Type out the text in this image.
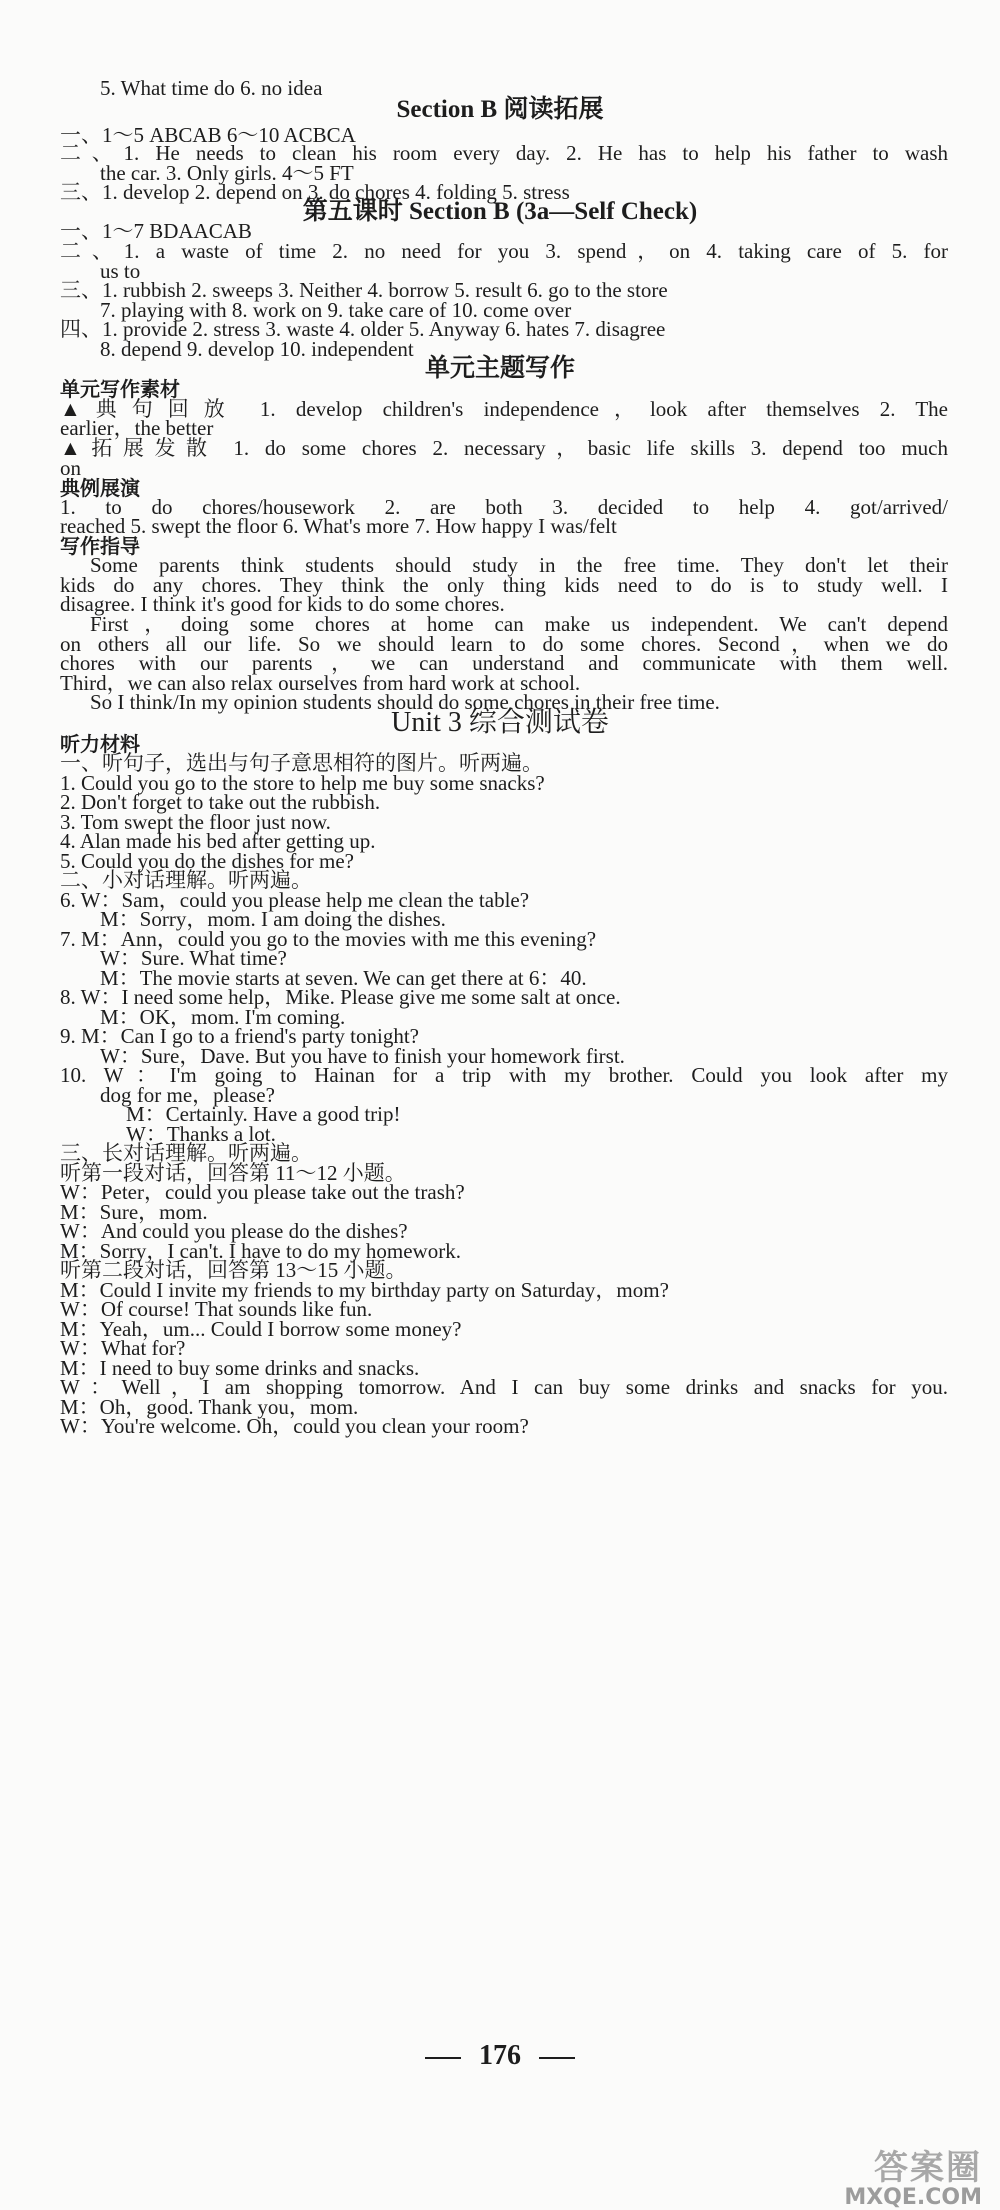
5. What time do 6. no idea
Section B 阅读拓展
一、1～5 ABCAB 6～10 ACBCA
二、1. He needs to clean his room every day. 2. He has to help his father to wash
the car. 3. Only girls. 4～5 FT
三、1. develop 2. depend on 3. do chores 4. folding 5. stress
第五课时 Section B (3a—Self Check)
一、1～7 BDAACAB
二、1. a waste of time 2. no need for you 3. spend，on 4. taking care of 5. for
us to
三、1. rubbish 2. sweeps 3. Neither 4. borrow 5. result 6. go to the store
7. playing with 8. work on 9. take care of 10. come over
四、1. provide 2. stress 3. waste 4. older 5. Anyway 6. hates 7. disagree
8. depend 9. develop 10. independent
单元主题写作
单元写作素材
▲典句回放 1. develop children's independence，look after themselves 2. The
earlier，the better
▲拓展发散 1. do some chores 2. necessary，basic life skills 3. depend too much
on
典例展演
1. to do chores/housework 2. are both 3. decided to help 4. got/arrived/
reached 5. swept the floor 6. What's more 7. How happy I was/felt
写作指导
Some parents think students should study in the free time. They don't let their
kids do any chores. They think the only thing kids need to do is to study well. I
disagree. I think it's good for kids to do some chores.
First，doing some chores at home can make us independent. We can't depend
on others all our life. So we should learn to do some chores. Second，when we do
chores with our parents，we can understand and communicate with them well.
Third，we can also relax ourselves from hard work at school.
So I think/In my opinion students should do some chores in their free time.
Unit 3 综合测试卷
听力材料
一、听句子，选出与句子意思相符的图片。听两遍。
1. Could you go to the store to help me buy some snacks?
2. Don't forget to take out the rubbish.
3. Tom swept the floor just now.
4. Alan made his bed after getting up.
5. Could you do the dishes for me?
二、小对话理解。听两遍。
6. W：Sam，could you please help me clean the table?
M：Sorry，mom. I am doing the dishes.
7. M：Ann，could you go to the movies with me this evening?
W：Sure. What time?
M：The movie starts at seven. We can get there at 6：40.
8. W：I need some help，Mike. Please give me some salt at once.
M：OK，mom. I'm coming.
9. M：Can I go to a friend's party tonight?
W：Sure，Dave. But you have to finish your homework first.
10. W：I'm going to Hainan for a trip with my brother. Could you look after my
dog for me，please?
M：Certainly. Have a good trip!
W：Thanks a lot.
三、长对话理解。听两遍。
听第一段对话，回答第 11～12 小题。
W：Peter，could you please take out the trash?
M：Sure，mom.
W：And could you please do the dishes?
M：Sorry，I can't. I have to do my homework.
听第二段对话，回答第 13～15 小题。
M：Could I invite my friends to my birthday party on Saturday，mom?
W：Of course! That sounds like fun.
M：Yeah，um... Could I borrow some money?
W：What for?
M：I need to buy some drinks and snacks.
W：Well，I am shopping tomorrow. And I can buy some drinks and snacks for you.
M：Oh，good. Thank you，mom.
W：You're welcome. Oh，could you clean your room?
176
答案圈
MXQE.COM
